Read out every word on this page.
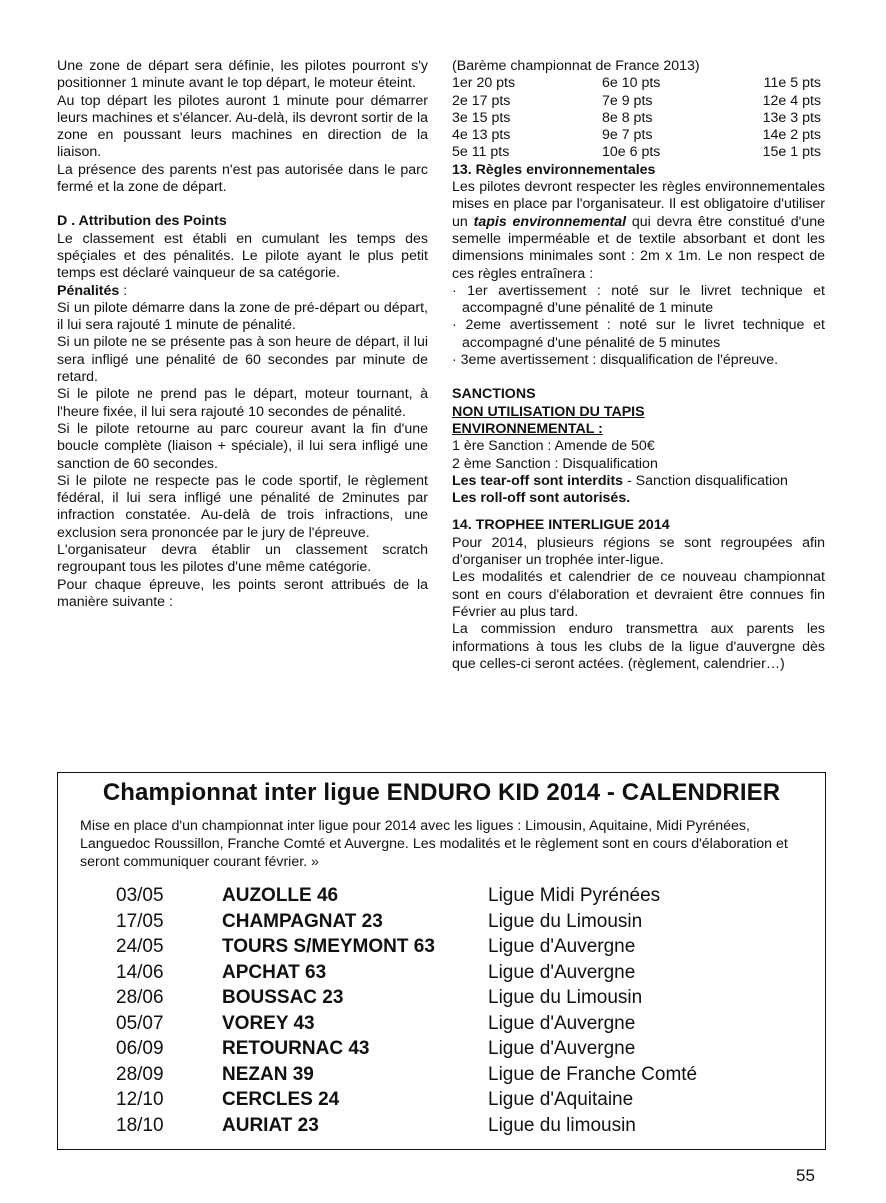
Une zone de départ sera définie, les pilotes pourront s'y positionner 1 minute avant le top départ, le moteur éteint.

Au top départ les pilotes auront 1 minute pour démarrer leurs machines et s'élancer. Au-delà, ils devront sortir de la zone en poussant leurs machines en direction de la liaison.

La présence des parents n'est pas autorisée dans le parc fermé et la zone de départ.

D . Attribution des Points

Le classement est établi en cumulant les temps des spéçiales et des pénalités. Le pilote ayant le plus petit temps est déclaré vainqueur de sa catégorie.

Pénalités :

Si un pilote démarre dans la zone de pré-départ ou départ, il lui sera rajouté 1 minute de pénalité.

Si un pilote ne se présente pas à son heure de départ, il lui sera infligé une pénalité de 60 secondes par minute de retard.

Si le pilote ne prend pas le départ, moteur tournant, à l'heure fixée, il lui sera rajouté 10 secondes de pénalité.

Si le pilote retourne au parc coureur avant la fin d'une boucle complète (liaison + spéciale), il lui sera infligé une sanction de 60 secondes.

Si le pilote ne respecte pas le code sportif, le règlement fédéral, il lui sera infligé une pénalité de 2minutes par infraction constatée. Au-delà de trois infractions, une exclusion sera prononcée par le jury de l'épreuve.

L'organisateur devra établir un classement scratch regroupant tous les pilotes d'une même catégorie.

Pour chaque épreuve, les points seront attribués de la manière suivante :

(Barème championnat de France 2013)

1er 20 pts	6e 10 pts	11e 5 pts
2e 17 pts	7e 9 pts	12e 4 pts
3e 15 pts	8e 8 pts	13e 3 pts
4e 13 pts	9e 7 pts	14e 2 pts
5e 11 pts	10e 6 pts	15e 1 pts

13. Règles environnementales

Les pilotes devront respecter les règles environnementales mises en place par l'organisateur. Il est obligatoire d'utiliser un tapis environnemental qui devra être constitué d'une semelle imperméable et de textile absorbant et dont les dimensions minimales sont : 2m x 1m. Le non respect de ces règles entraînera :

· 1er avertissement : noté sur le livret technique et accompagné d'une pénalité de 1 minute

· 2eme avertissement : noté sur le livret technique et accompagné d'une pénalité de 5 minutes

· 3eme avertissement : disqualification de l'épreuve.

SANCTIONS

NON UTILISATION DU TAPIS

ENVIRONNEMENTAL :

1 ère Sanction : Amende de 50€

2 ème Sanction : Disqualification

Les tear-off sont interdits - Sanction disqualification

Les roll-off sont autorisés.

14. TROPHEE INTERLIGUE 2014

Pour 2014, plusieurs régions se sont regroupées afin d'organiser un trophée inter-ligue.

Les modalités et calendrier de ce nouveau championnat sont en cours d'élaboration et devraient être connues fin Février au plus tard.

La commission enduro transmettra aux parents les informations à tous les clubs de la ligue d'auvergne dès que celles-ci seront actées. (règlement, calendrier…)

Championnat inter ligue ENDURO KID 2014 - CALENDRIER
Mise en place d'un championnat inter ligue pour 2014 avec les ligues : Limousin, Aquitaine, Midi Pyrénées, Languedoc Roussillon, Franche Comté et Auvergne. Les modalités et le règlement sont en cours d'élaboration et seront communiquer courant février. »
03/05	AUZOLLE 46	Ligue Midi Pyrénées
17/05	CHAMPAGNAT 23	Ligue du Limousin
24/05	TOURS S/MEYMONT 63	Ligue d'Auvergne
14/06	APCHAT 63	Ligue d'Auvergne
28/06	BOUSSAC 23	Ligue du Limousin
05/07	VOREY 43	Ligue d'Auvergne
06/09	RETOURNAC 43	Ligue d'Auvergne
28/09	NEZAN 39	Ligue de Franche Comté
12/10	CERCLES 24	Ligue d'Aquitaine
18/10	AURIAT 23	Ligue du limousin
55
